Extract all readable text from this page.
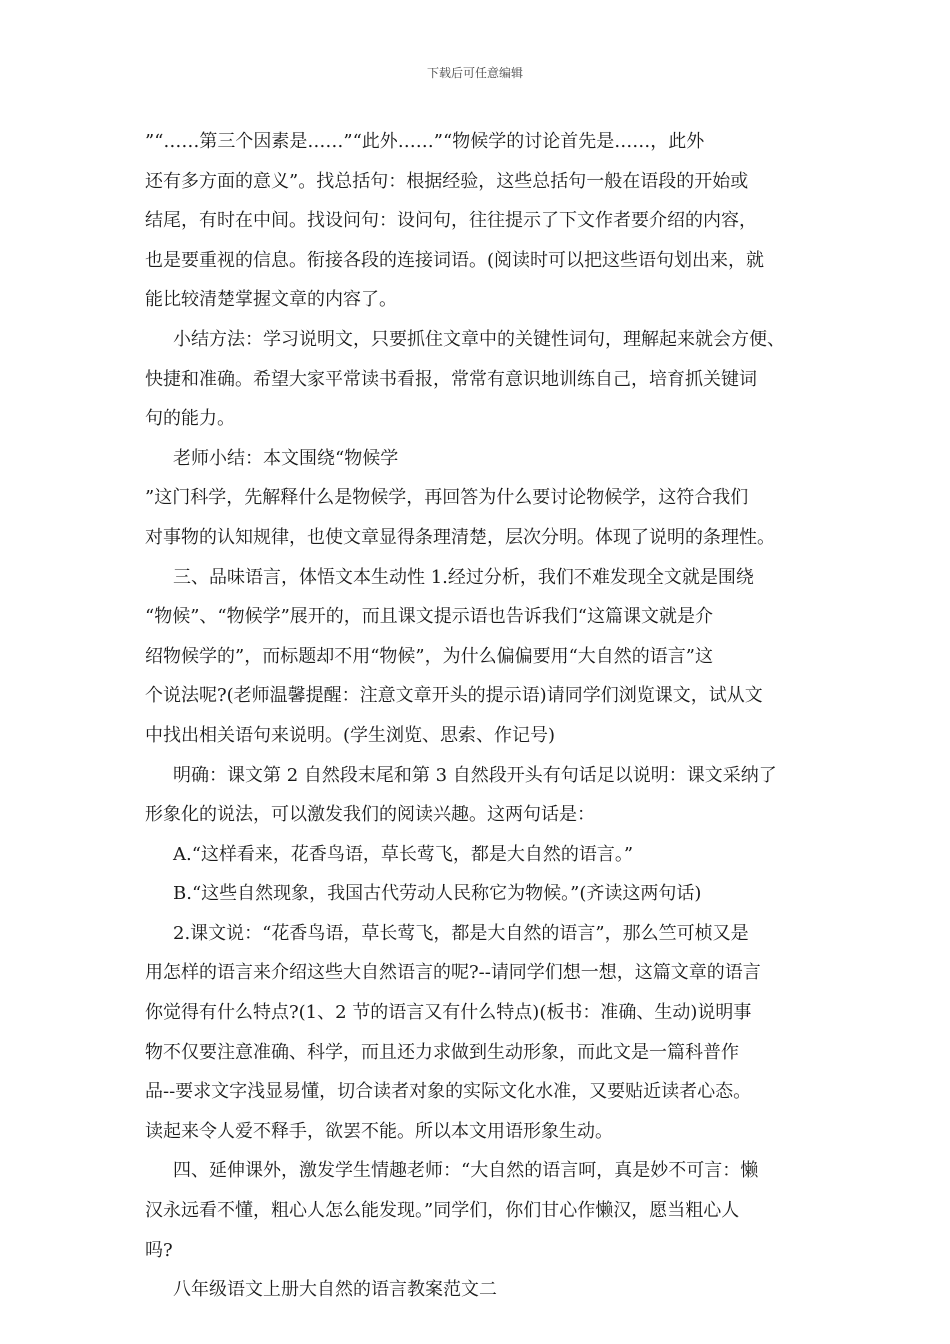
下载后可任意编辑
”“……第三个因素是……”“此外……”“物候学的讨论首先是……，此外
还有多方面的意义”。找总括句：根据经验，这些总括句一般在语段的开始或
结尾，有时在中间。找设问句：设问句，往往提示了下文作者要介绍的内容，
也是要重视的信息。衔接各段的连接词语。(阅读时可以把这些语句划出来，就
能比较清楚掌握文章的内容了。
小结方法：学习说明文，只要抓住文章中的关键性词句，理解起来就会方便、
快捷和准确。希望大家平常读书看报，常常有意识地训练自己，培育抓关键词
句的能力。
老师小结：本文围绕“物候学
”这门科学，先解释什么是物候学，再回答为什么要讨论物候学，这符合我们
对事物的认知规律，也使文章显得条理清楚，层次分明。体现了说明的条理性。
三、品味语言，体悟文本生动性 1.经过分析，我们不难发现全文就是围绕
“物候”、“物候学”展开的，而且课文提示语也告诉我们“这篇课文就是介
绍物候学的”，而标题却不用“物候”，为什么偏偏要用“大自然的语言”这
个说法呢?(老师温馨提醒：注意文章开头的提示语)请同学们浏览课文，试从文
中找出相关语句来说明。(学生浏览、思索、作记号)
明确：课文第 2 自然段末尾和第 3 自然段开头有句话足以说明：课文采纳了
形象化的说法，可以激发我们的阅读兴趣。这两句话是：
A.“这样看来，花香鸟语，草长莺飞，都是大自然的语言。”
B.“这些自然现象，我国古代劳动人民称它为物候。”(齐读这两句话)
2.课文说：“花香鸟语，草长莺飞，都是大自然的语言”，那么竺可桢又是
用怎样的语言来介绍这些大自然语言的呢?--请同学们想一想，这篇文章的语言
你觉得有什么特点?(1、2 节的语言又有什么特点)(板书：准确、生动)说明事
物不仅要注意准确、科学，而且还力求做到生动形象，而此文是一篇科普作
品--要求文字浅显易懂，切合读者对象的实际文化水准，又要贴近读者心态。
读起来令人爱不释手，欲罢不能。所以本文用语形象生动。
四、延伸课外，激发学生情趣老师：“大自然的语言呵，真是妙不可言：懒
汉永远看不懂，粗心人怎么能发现。”同学们，你们甘心作懒汉，愿当粗心人
吗?
八年级语文上册大自然的语言教案范文二
